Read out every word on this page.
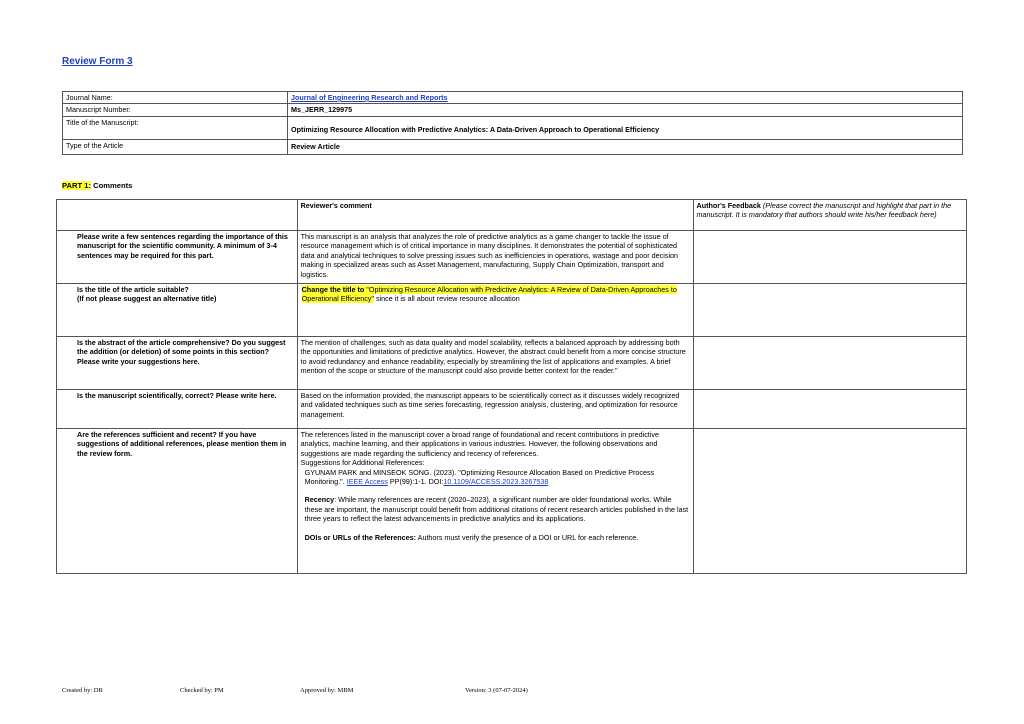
Review Form 3
Journal Name:	Journal of Engineering Research and Reports
Manuscript Number:	Ms_JERR_129975
Title of the Manuscript:	Optimizing Resource Allocation with Predictive Analytics: A Data-Driven Approach to Operational Efficiency
Type of the Article	Review Article
PART 1: Comments
	Reviewer's comment	Author's Feedback (Please correct the manuscript and highlight that part in the manuscript. It is mandatory that authors should write his/her feedback here)
Please write a few sentences regarding the importance of this manuscript for the scientific community. A minimum of 3-4 sentences may be required for this part.	This manuscript is an analysis that analyzes the role of predictive analytics as a game changer to tackle the issue of resource management which is of critical importance in many disciplines. It demonstrates the potential of sophisticated data and analytical techniques to solve pressing issues such as inefficiencies in operations, wastage and poor decision making in specialized areas such as Asset Management, manufacturing, Supply Chain Optimization, transport and logistics.	
Is the title of the article suitable?
(If not please suggest an alternative title)	Change the title to "Optimizing Resource Allocation with Predictive Analytics: A Review of Data-Driven Approaches to Operational Efficiency" since it is all about review resource allocation	
Is the abstract of the article comprehensive? Do you suggest the addition (or deletion) of some points in this section? Please write your suggestions here.	The mention of challenges, such as data quality and model scalability, reflects a balanced approach by addressing both the opportunities and limitations of predictive analytics. However, the abstract could benefit from a more concise structure to avoid redundancy and enhance readability, especially by streamlining the list of applications and examples. A brief mention of the scope or structure of the manuscript could also provide better context for the reader."	
Is the manuscript scientifically, correct? Please write here.	Based on the information provided, the manuscript appears to be scientifically correct as it discusses widely recognized and validated techniques such as time series forecasting, regression analysis, clustering, and optimization for resource management.	
Are the references sufficient and recent? If you have suggestions of additional references, please mention them in the review form.	The references listed in the manuscript cover a broad range of foundational and recent contributions in predictive analytics, machine learning, and their applications in various industries. However, the following observations and suggestions are made regarding the sufficiency and recency of references.

Suggestions for Additional References:

GYUNAM PARK and MINSEOK SONG. (2023). "Optimizing Resource Allocation Based on Predictive Process Monitoring.". IEEE Access PP(99):1-1. DOI:10.1109/ACCESS.2023.3267538

Recency: While many references are recent (2020–2023), a significant number are older foundational works. While these are important, the manuscript could benefit from additional citations of recent research articles published in the last three years to reflect the latest advancements in predictive analytics and its applications.

DOIs or URLs of the References: Authors must verify the presence of a DOI or URL for each reference.	

Created by: DR	Checked by: PM	Approved by: MBM	Version: 3 (07-07-2024)
